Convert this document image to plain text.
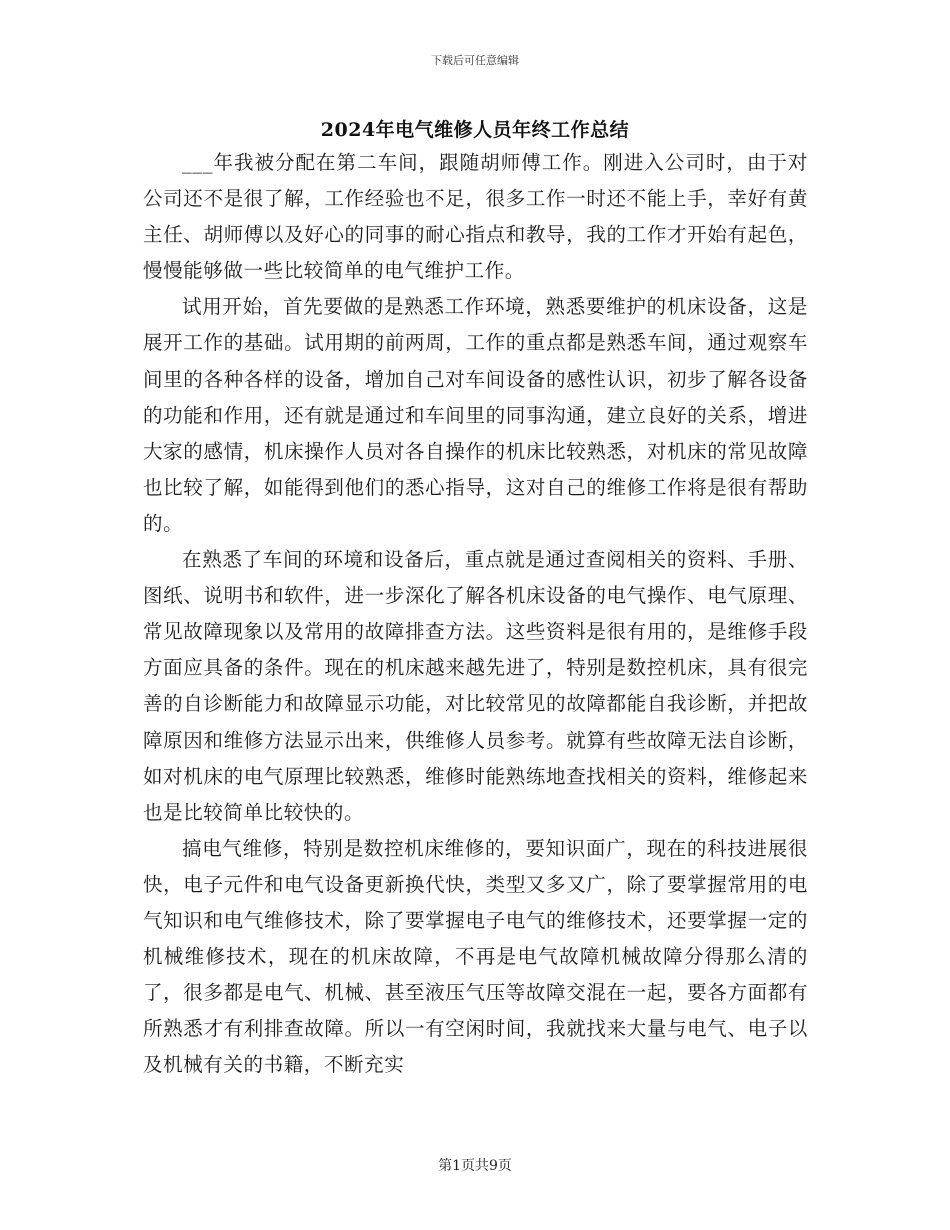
下载后可任意编辑
2024年电气维修人员年终工作总结

___年我被分配在第二车间，跟随胡师傅工作。刚进入公司时，由于对公司还不是很了解，工作经验也不足，很多工作一时还不能上手，幸好有黄主任、胡师傅以及好心的同事的耐心指点和教导，我的工作才开始有起色，慢慢能够做一些比较简单的电气维护工作。

试用开始，首先要做的是熟悉工作环境，熟悉要维护的机床设备，这是展开工作的基础。试用期的前两周，工作的重点都是熟悉车间，通过观察车间里的各种各样的设备，增加自己对车间设备的感性认识，初步了解各设备的功能和作用，还有就是通过和车间里的同事沟通，建立良好的关系，增进大家的感情，机床操作人员对各自操作的机床比较熟悉，对机床的常见故障也比较了解，如能得到他们的悉心指导，这对自己的维修工作将是很有帮助的。

在熟悉了车间的环境和设备后，重点就是通过查阅相关的资料、手册、图纸、说明书和软件，进一步深化了解各机床设备的电气操作、电气原理、常见故障现象以及常用的故障排查方法。这些资料是很有用的，是维修手段方面应具备的条件。现在的机床越来越先进了，特别是数控机床，具有很完善的自诊断能力和故障显示功能，对比较常见的故障都能自我诊断，并把故障原因和维修方法显示出来，供维修人员参考。就算有些故障无法自诊断，如对机床的电气原理比较熟悉，维修时能熟练地查找相关的资料，维修起来也是比较简单比较快的。

搞电气维修，特别是数控机床维修的，要知识面广，现在的科技进展很快，电子元件和电气设备更新换代快，类型又多又广，除了要掌握常用的电气知识和电气维修技术，除了要掌握电子电气的维修技术，还要掌握一定的机械维修技术，现在的机床故障，不再是电气故障机械故障分得那么清的了，很多都是电气、机械、甚至液压气压等故障交混在一起，要各方面都有所熟悉才有利排查故障。所以一有空闲时间，我就找来大量与电气、电子以及机械有关的书籍，不断充实

第1页共9页
